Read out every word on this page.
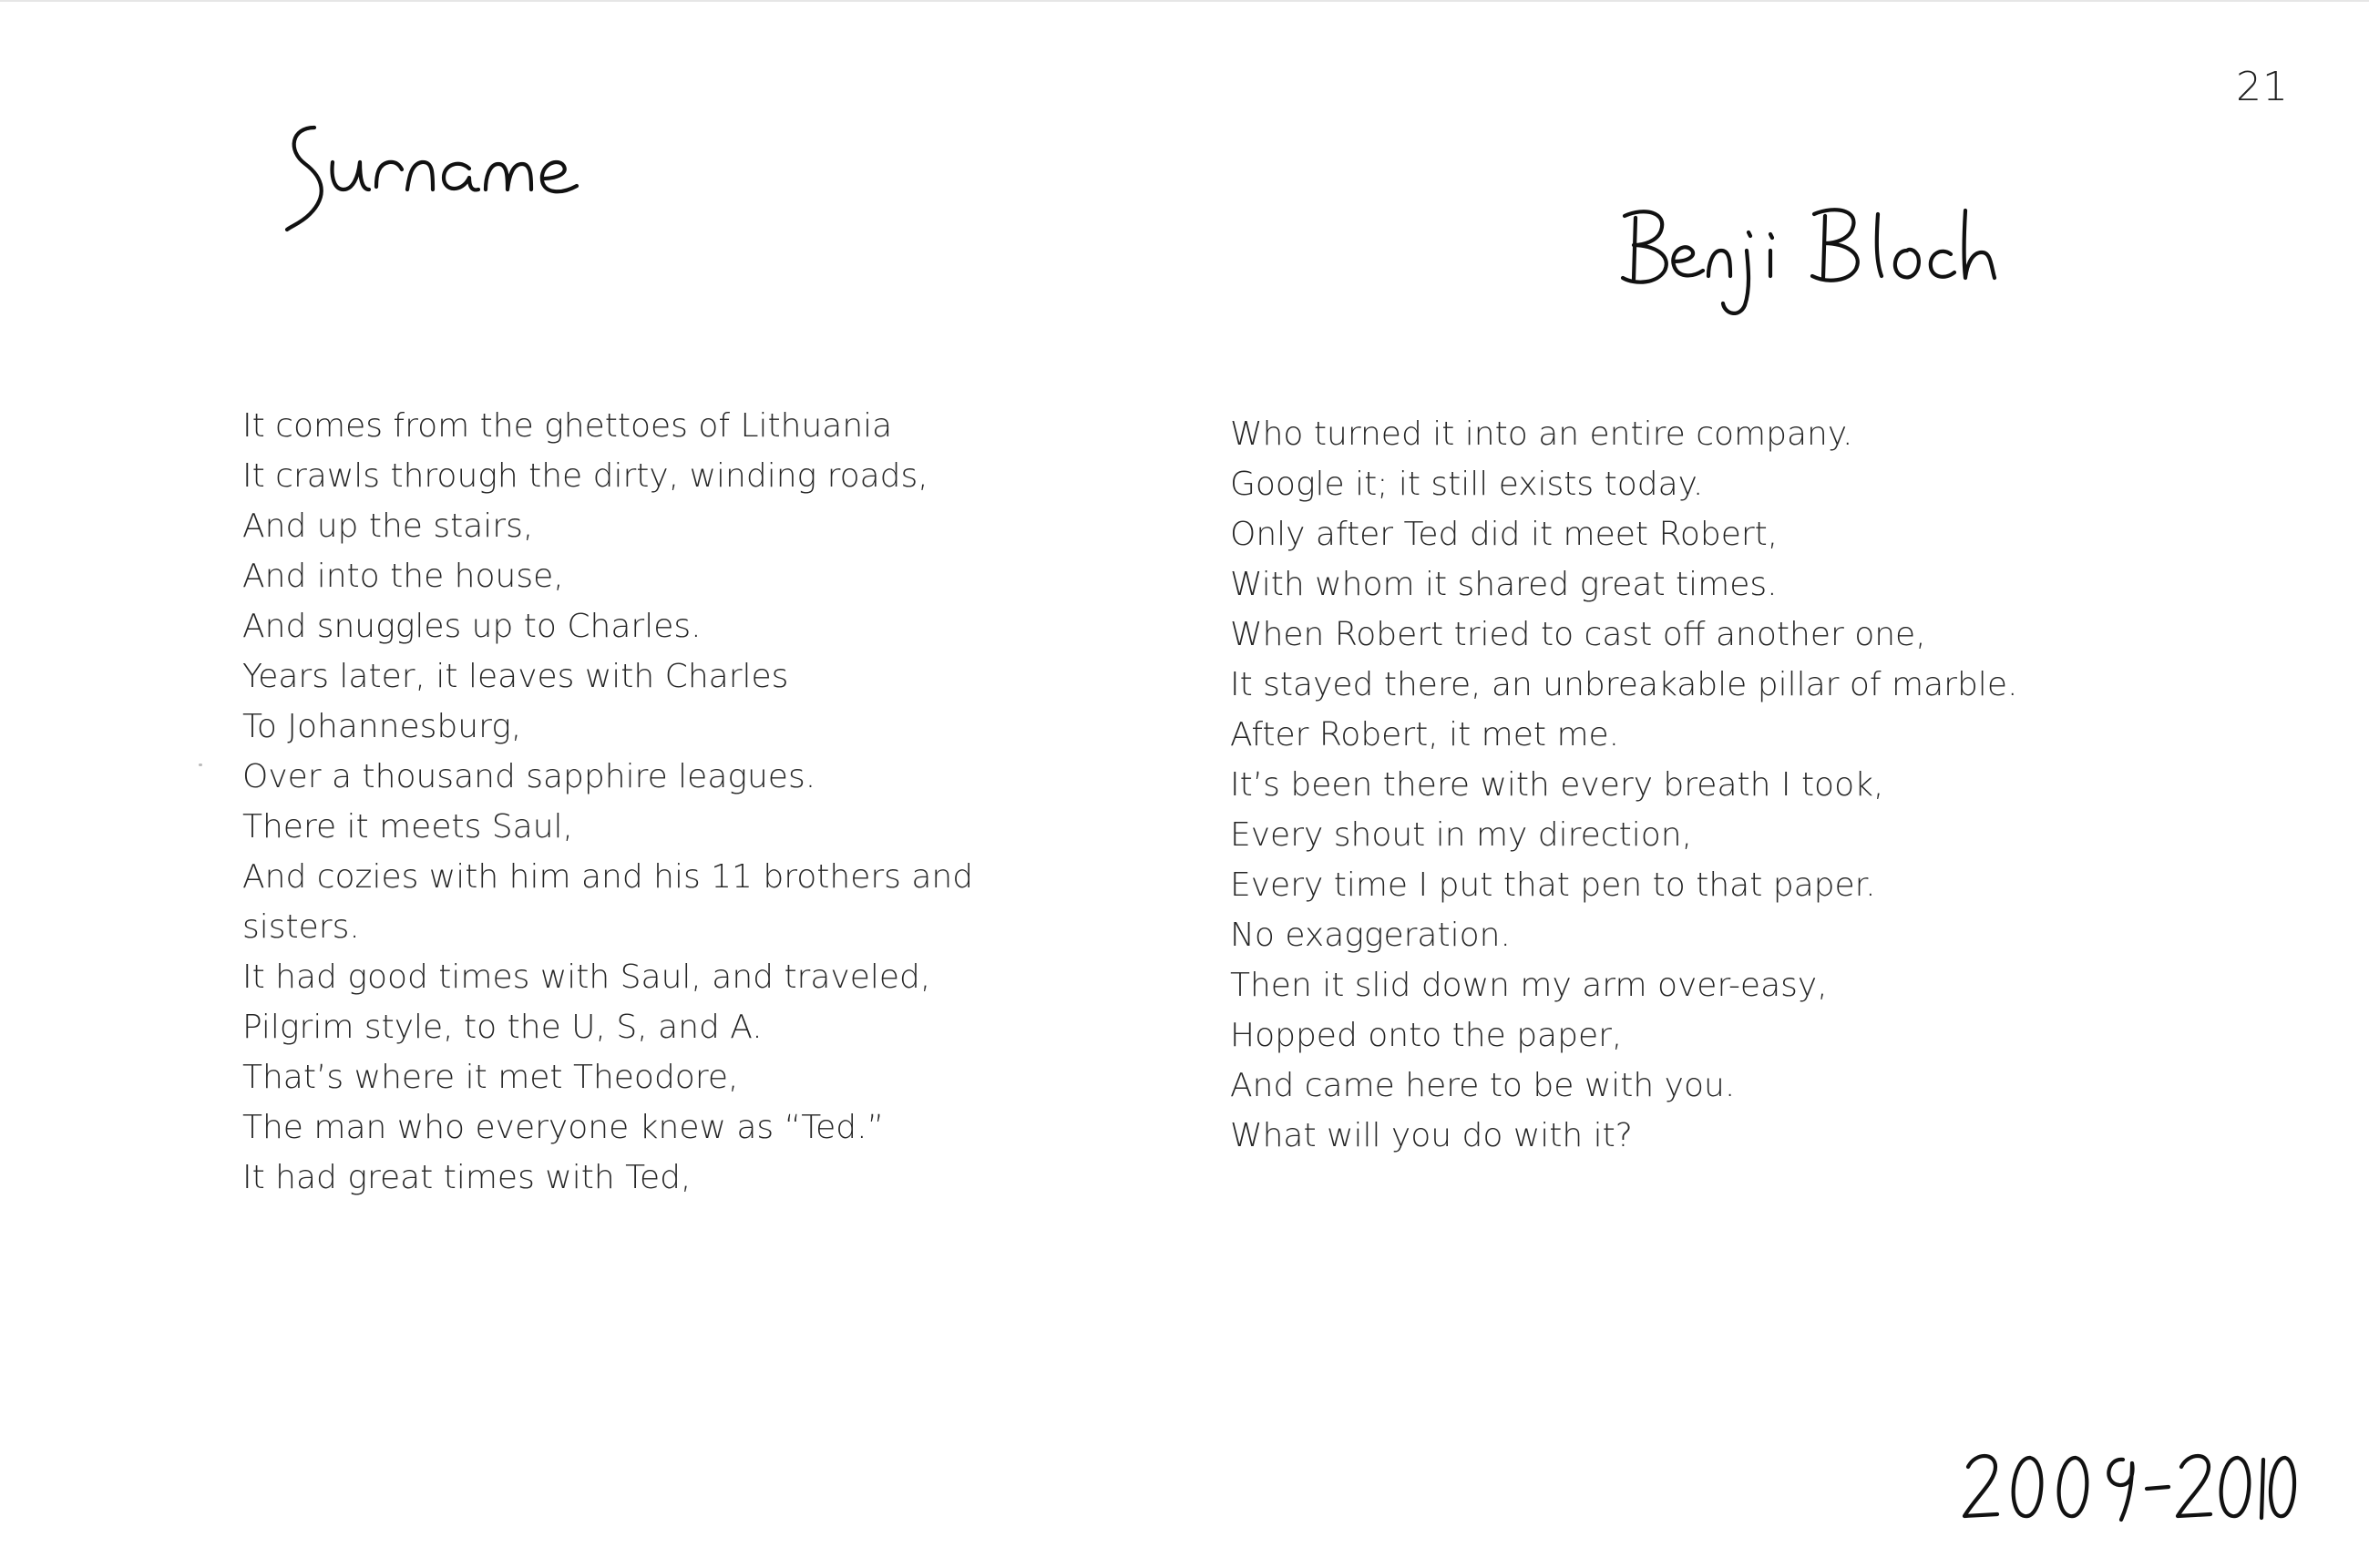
21
It comes from the ghettoes of Lithuania
It crawls through the dirty, winding roads,
And up the stairs,
And into the house,
And snuggles up to Charles.
Years later, it leaves with Charles
To Johannesburg,
Over a thousand sapphire leagues.
There it meets Saul,
And cozies with him and his 11 brothers and
sisters.
It had good times with Saul, and traveled,
Pilgrim style, to the U, S, and A.
That’s where it met Theodore,
The man who everyone knew as “Ted.”
It had great times with Ted,
Who turned it into an entire company.
Google it; it still exists today.
Only after Ted did it meet Robert,
With whom it shared great times.
When Robert tried to cast off another one,
It stayed there, an unbreakable pillar of marble.
After Robert, it met me.
It’s been there with every breath I took,
Every shout in my direction,
Every time I put that pen to that paper.
No exaggeration.
Then it slid down my arm over-easy,
Hopped onto the paper,
And came here to be with you.
What will you do with it?
